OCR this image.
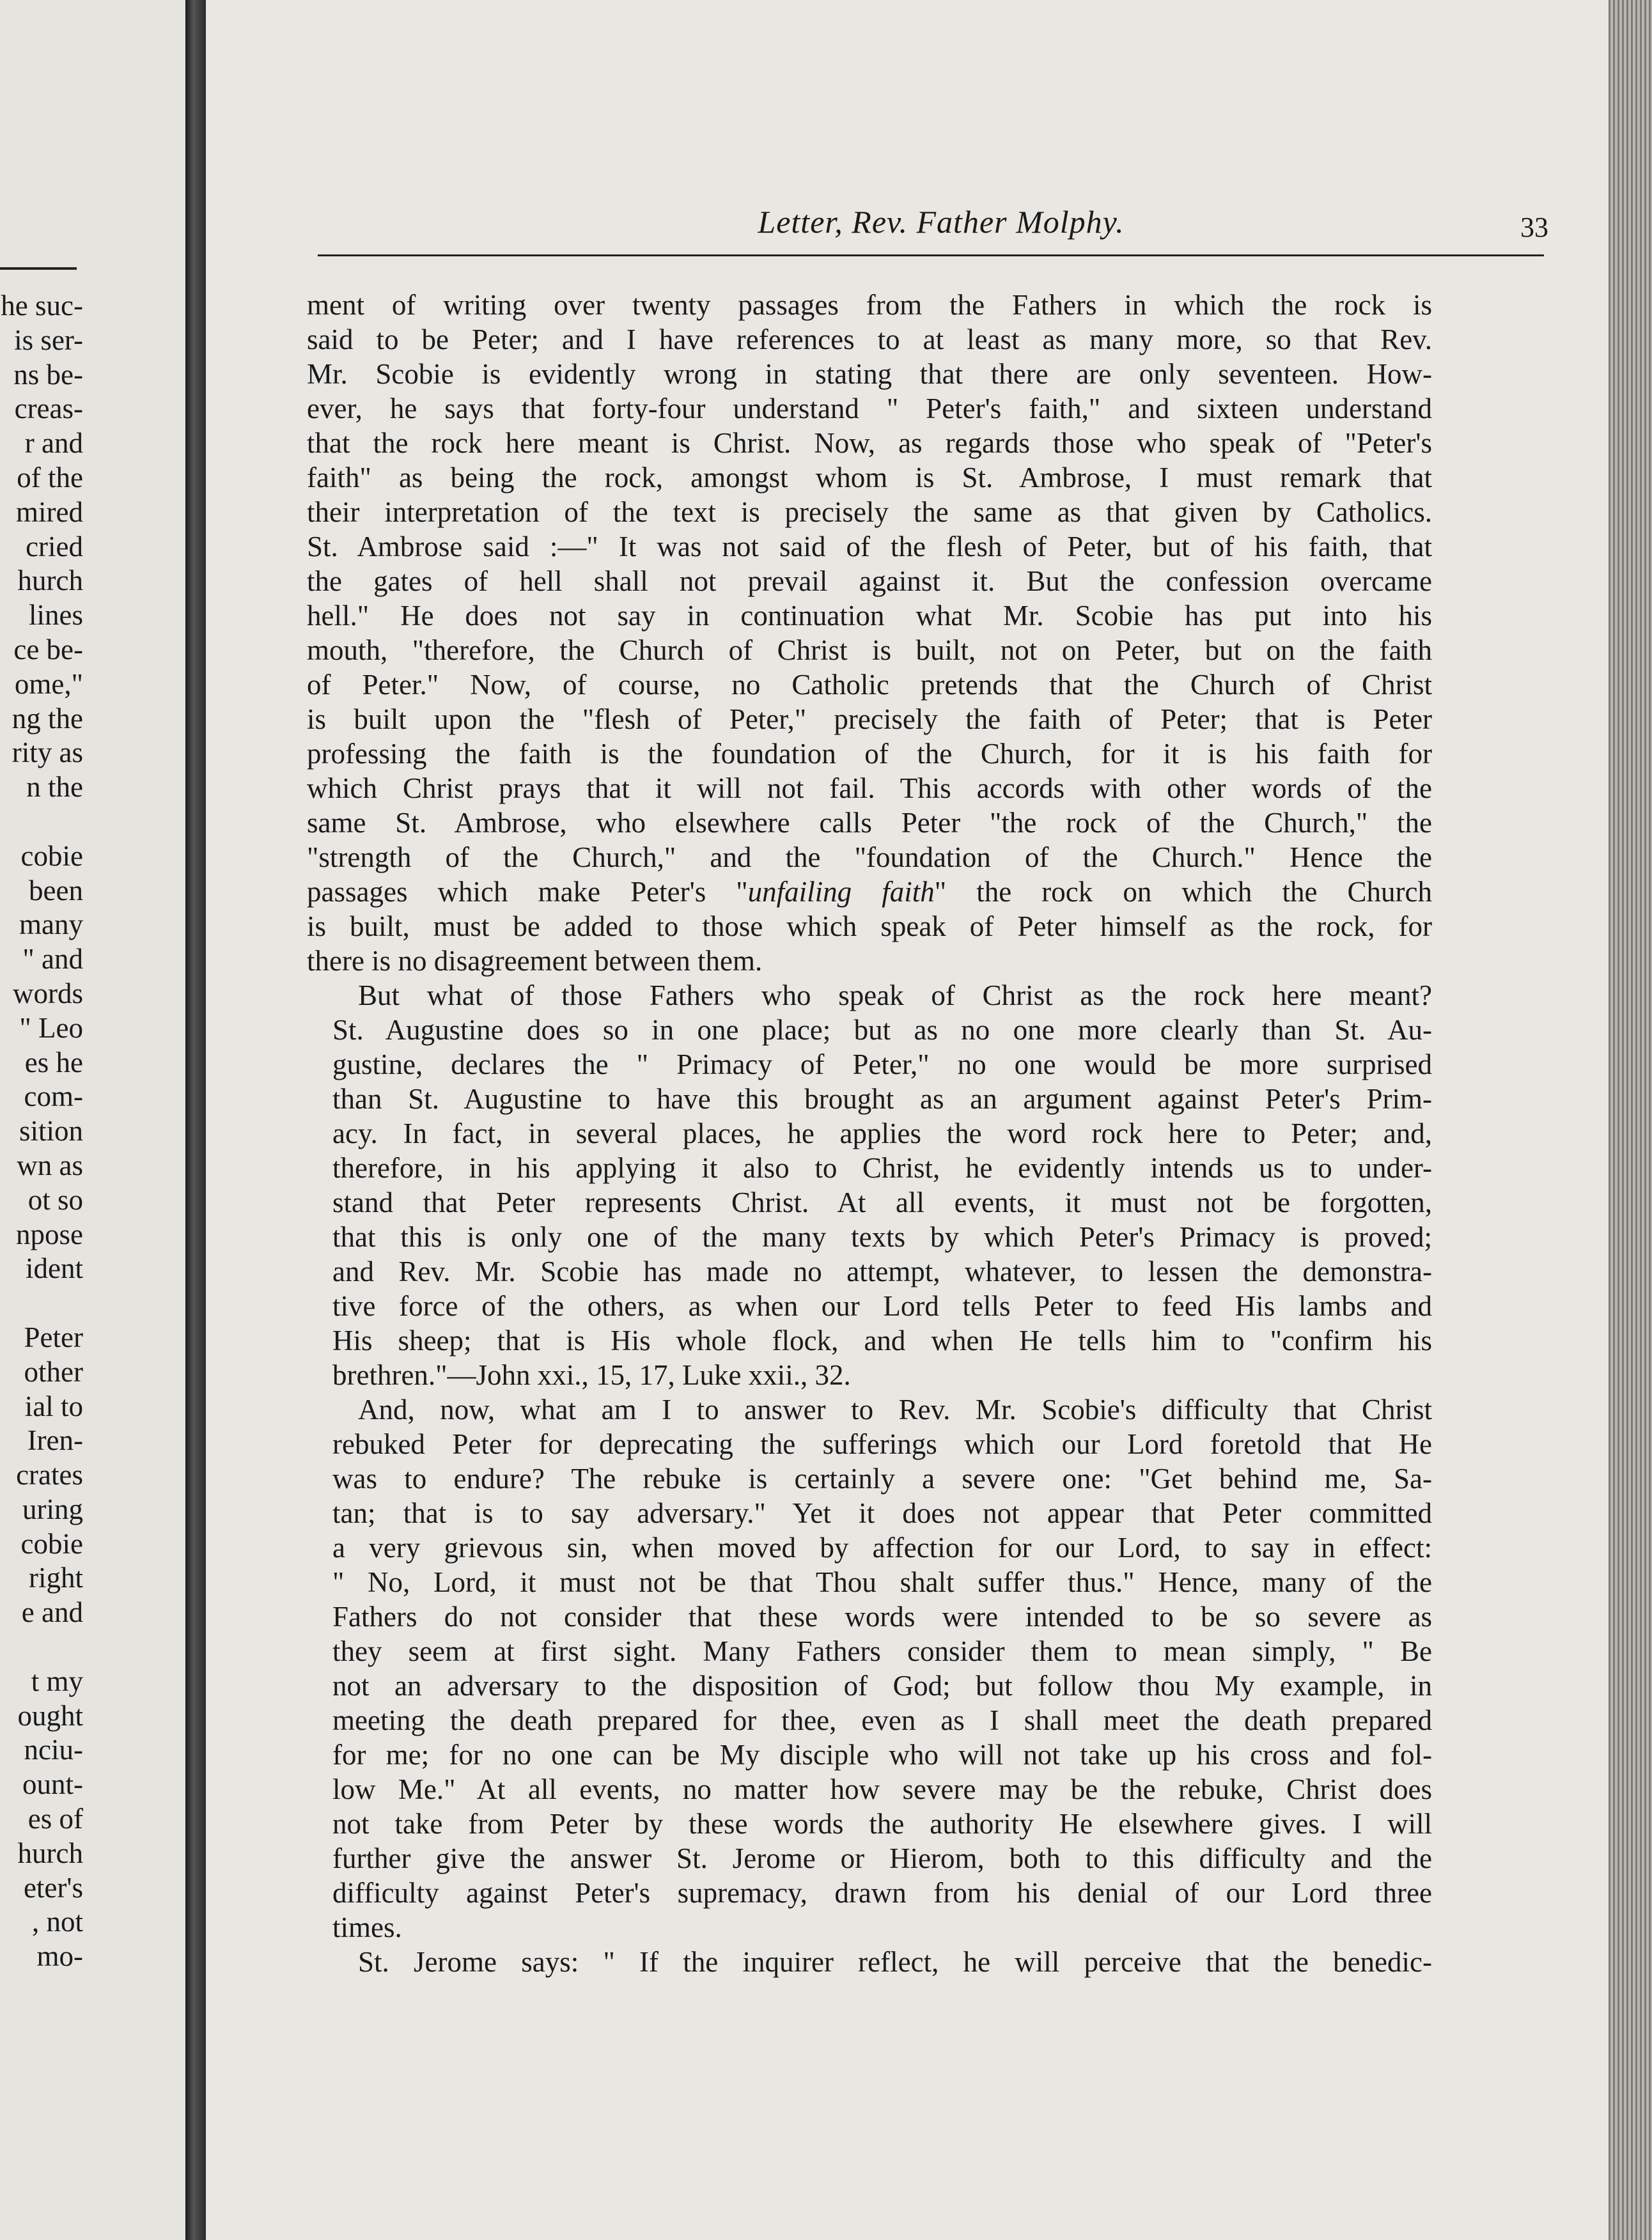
he suc-
is ser-
ns be-
creas-
r and
of the
mired
cried
hurch
lines
ce be-
ome,"
ng the
rity as
n the

cobie
been
many
" and
words
" Leo
es he
com-
sition
wn as
ot so
npose
ident

Peter
other
ial to
Iren-
crates
uring
cobie
right
e and

t my
ought
nciu-
ount-
es of
hurch
eter's
, not
mo-
Letter, Rev. Father Molphy.	33
ment of writing over twenty passages from the Fathers in which the rock is
said to be Peter; and I have references to at least as many more, so that Rev.
Mr. Scobie is evidently wrong in stating that there are only seventeen. How-
ever, he says that forty-four understand " Peter's faith," and sixteen understand
that the rock here meant is Christ. Now, as regards those who speak of "Peter's
faith" as being the rock, amongst whom is St. Ambrose, I must remark that
their interpretation of the text is precisely the same as that given by Catholics.
St. Ambrose said :—" It was not said of the flesh of Peter, but of his faith, that
the gates of hell shall not prevail against it. But the confession overcame
hell." He does not say in continuation what Mr. Scobie has put into his
mouth, "therefore, the Church of Christ is built, not on Peter, but on the faith
of Peter." Now, of course, no Catholic pretends that the Church of Christ
is built upon the "flesh of Peter," precisely the faith of Peter; that is Peter
professing the faith is the foundation of the Church, for it is his faith for
which Christ prays that it will not fail. This accords with other words of the
same St. Ambrose, who elsewhere calls Peter "the rock of the Church," the
"strength of the Church," and the "foundation of the Church." Hence the
passages which make Peter's "unfailing faith" the rock on which the Church
is built, must be added to those which speak of Peter himself as the rock, for
there is no disagreement between them.
But what of those Fathers who speak of Christ as the rock here meant?
St. Augustine does so in one place; but as no one more clearly than St. Au-
gustine, declares the " Primacy of Peter," no one would be more surprised
than St. Augustine to have this brought as an argument against Peter's Prim-
acy. In fact, in several places, he applies the word rock here to Peter; and,
therefore, in his applying it also to Christ, he evidently intends us to under-
stand that Peter represents Christ. At all events, it must not be forgotten,
that this is only one of the many texts by which Peter's Primacy is proved;
and Rev. Mr. Scobie has made no attempt, whatever, to lessen the demonstra-
tive force of the others, as when our Lord tells Peter to feed His lambs and
His sheep; that is His whole flock, and when He tells him to "confirm his
brethren."—John xxi., 15, 17, Luke xxii., 32.
And, now, what am I to answer to Rev. Mr. Scobie's difficulty that Christ
rebuked Peter for deprecating the sufferings which our Lord foretold that He
was to endure? The rebuke is certainly a severe one: "Get behind me, Sa-
tan; that is to say adversary." Yet it does not appear that Peter committed
a very grievous sin, when moved by affection for our Lord, to say in effect:
" No, Lord, it must not be that Thou shalt suffer thus." Hence, many of the
Fathers do not consider that these words were intended to be so severe as
they seem at first sight. Many Fathers consider them to mean simply, " Be
not an adversary to the disposition of God; but follow thou My example, in
meeting the death prepared for thee, even as I shall meet the death prepared
for me; for no one can be My disciple who will not take up his cross and fol-
low Me." At all events, no matter how severe may be the rebuke, Christ does
not take from Peter by these words the authority He elsewhere gives. I will
further give the answer St. Jerome or Hierom, both to this difficulty and the
difficulty against Peter's supremacy, drawn from his denial of our Lord three
times.
St. Jerome says: " If the inquirer reflect, he will perceive that the benedic-
